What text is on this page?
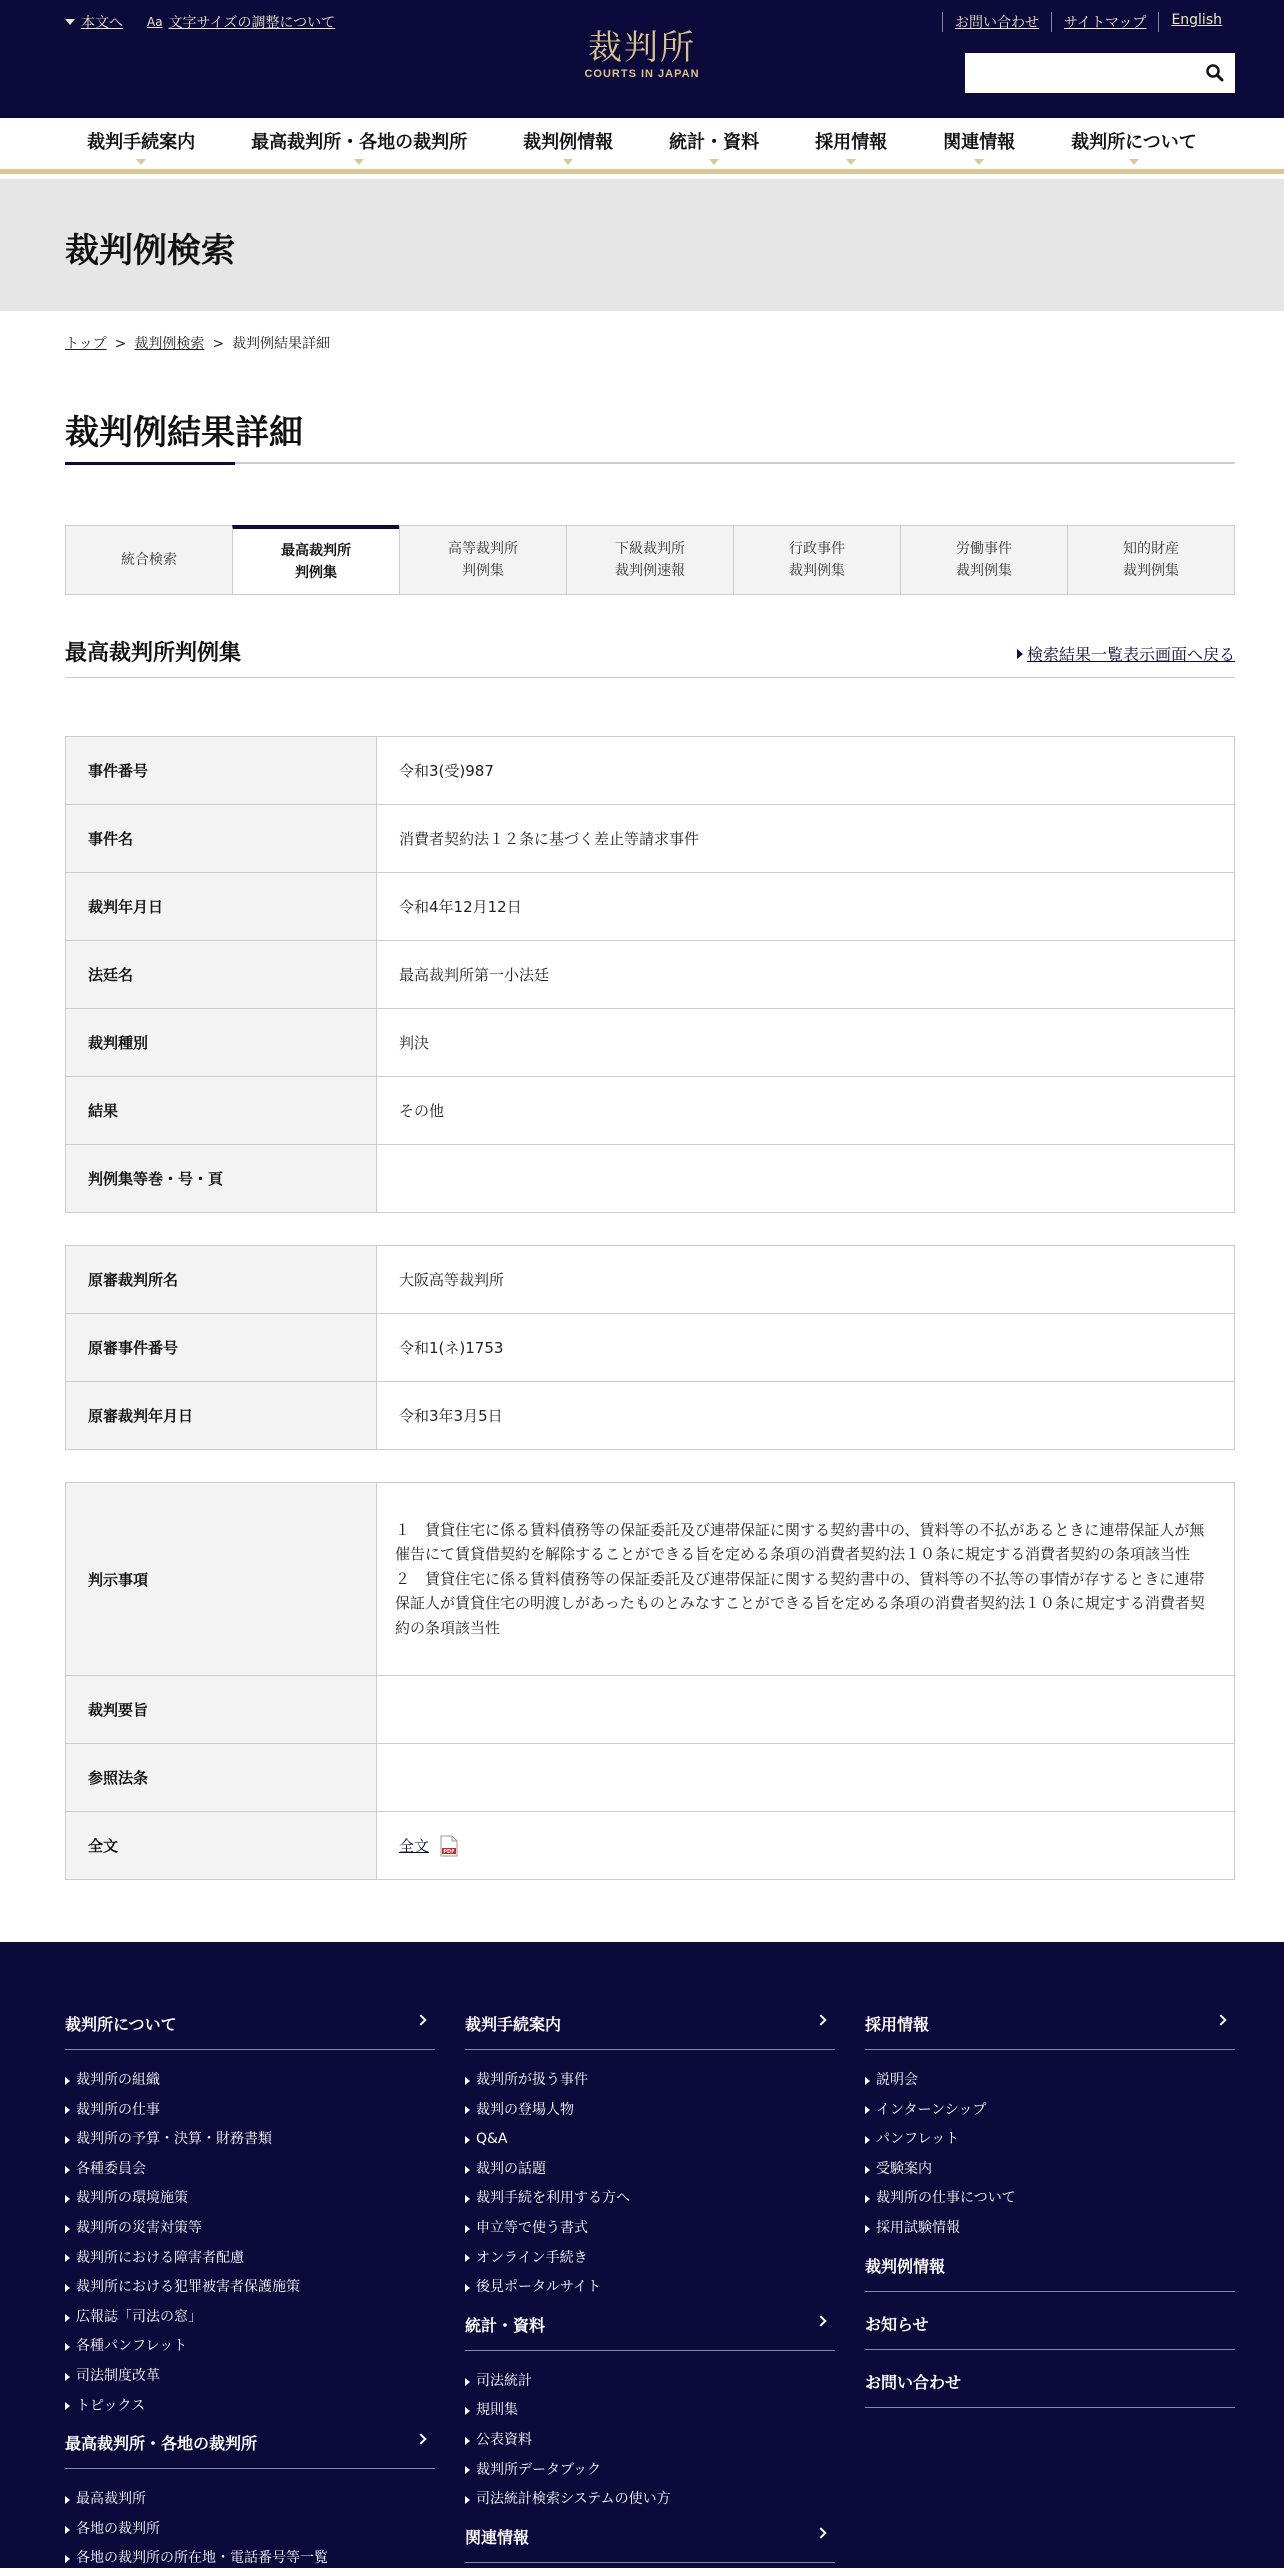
本文へ Aa 文字サイズの調整について
裁判所
COURTS IN JAPAN
お問い合わせ	サイトマップ	English
裁判手続案内	最高裁判所・各地の裁判所	裁判例情報	統計・資料	採用情報	関連情報	裁判所について
裁判例検索
トップ > 裁判例検索 > 裁判例結果詳細
裁判例結果詳細
統合検索
最高裁判所
判例集
高等裁判所
判例集
下級裁判所
裁判例速報
行政事件
裁判例集
労働事件
裁判例集
知的財産
裁判例集
最高裁判所判例集	検索結果一覧表示画面へ戻る
事件番号	令和3(受)987
事件名	消費者契約法１２条に基づく差止等請求事件
裁判年月日	令和4年12月12日
法廷名	最高裁判所第一小法廷
裁判種別	判決
結果	その他
判例集等巻・号・頁	
原審裁判所名	大阪高等裁判所
原審事件番号	令和1(ネ)1753
原審裁判年月日	令和3年3月5日
判示事項	１　賃貸住宅に係る賃料債務等の保証委託及び連帯保証に関する契約書中の、賃料等の不払があるときに連帯保証人が無催告にて賃貸借契約を解除することができる旨を定める条項の消費者契約法１０条に規定する消費者契約の条項該当性
２　賃貸住宅に係る賃料債務等の保証委託及び連帯保証に関する契約書中の、賃料等の不払等の事情が存するときに連帯保証人が賃貸住宅の明渡しがあったものとみなすことができる旨を定める条項の消費者契約法１０条に規定する消費者契約の条項該当性

裁判要旨	
参照法条	
全文	全文 PDF
裁判所について
裁判所の組織
裁判所の仕事
裁判所の予算・決算・財務書類
各種委員会
裁判所の環境施策
裁判所の災害対策等
裁判所における障害者配慮
裁判所における犯罪被害者保護施策
広報誌「司法の窓」
各種パンフレット
司法制度改革
トピックス
最高裁判所・各地の裁判所
最高裁判所
各地の裁判所
各地の裁判所の所在地・電話番号等一覧
裁判手続案内
裁判所が扱う事件
裁判の登場人物
Q&A
裁判の話題
裁判手続を利用する方へ
申立等で使う書式
オンライン手続き
後見ポータルサイト
統計・資料
司法統計
規則集
公表資料
裁判所データブック
司法統計検索システムの使い方
関連情報
採用情報
説明会
インターンシップ
パンフレット
受験案内
裁判所の仕事について
採用試験情報
裁判例情報
お知らせ
お問い合わせ
